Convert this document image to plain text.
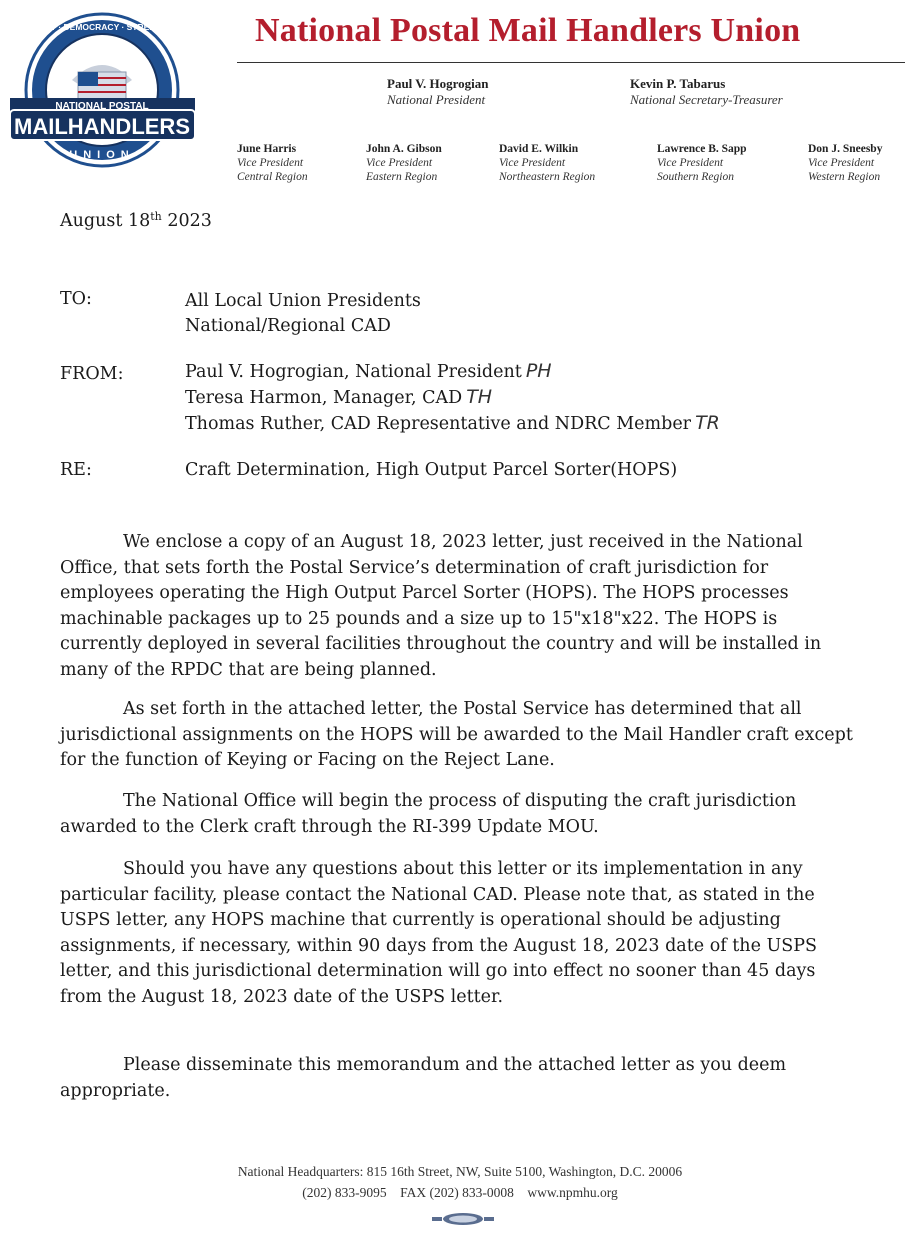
UNITY · DEMOCRACY · STRENGTH
NATIONAL POSTAL
MAILHANDLERS
UNION
National Postal Mail Handlers Union
Paul V. Hogrogian
National President
Kevin P. Tabarus
National Secretary-Treasurer
June Harris
Vice President
Central Region
John A. Gibson
Vice President
Eastern Region
David E. Wilkin
Vice President
Northeastern Region
Lawrence B. Sapp
Vice President
Southern Region
Don J. Sneesby
Vice President
Western Region
August 18th 2023
TO:	All Local Union Presidents
National/Regional CAD
FROM:	Paul V. Hogrogian, National President PH
Teresa Harmon, Manager, CAD TH
Thomas Ruther, CAD Representative and NDRC Member TR
RE:	Craft Determination, High Output Parcel Sorter(HOPS)

We enclose a copy of an August 18, 2023 letter, just received in the National Office, that sets forth the Postal Service’s determination of craft jurisdiction for employees operating the High Output Parcel Sorter (HOPS). The HOPS processes machinable packages up to 25 pounds and a size up to 15"x18"x22. The HOPS is currently deployed in several facilities throughout the country and will be installed in many of the RPDC that are being planned.

As set forth in the attached letter, the Postal Service has determined that all jurisdictional assignments on the HOPS will be awarded to the Mail Handler craft except for the function of Keying or Facing on the Reject Lane.

The National Office will begin the process of disputing the craft jurisdiction awarded to the Clerk craft through the RI-399 Update MOU.

Should you have any questions about this letter or its implementation in any particular facility, please contact the National CAD. Please note that, as stated in the USPS letter, any HOPS machine that currently is operational should be adjusting assignments, if necessary, within 90 days from the August 18, 2023 date of the USPS letter, and this jurisdictional determination will go into effect no sooner than 45 days from the August 18, 2023 date of the USPS letter.

Please disseminate this memorandum and the attached letter as you deem appropriate.

National Headquarters: 815 16th Street, NW, Suite 5100, Washington, D.C. 20006
(202) 833-9095    FAX (202) 833-0008    www.npmhu.org
